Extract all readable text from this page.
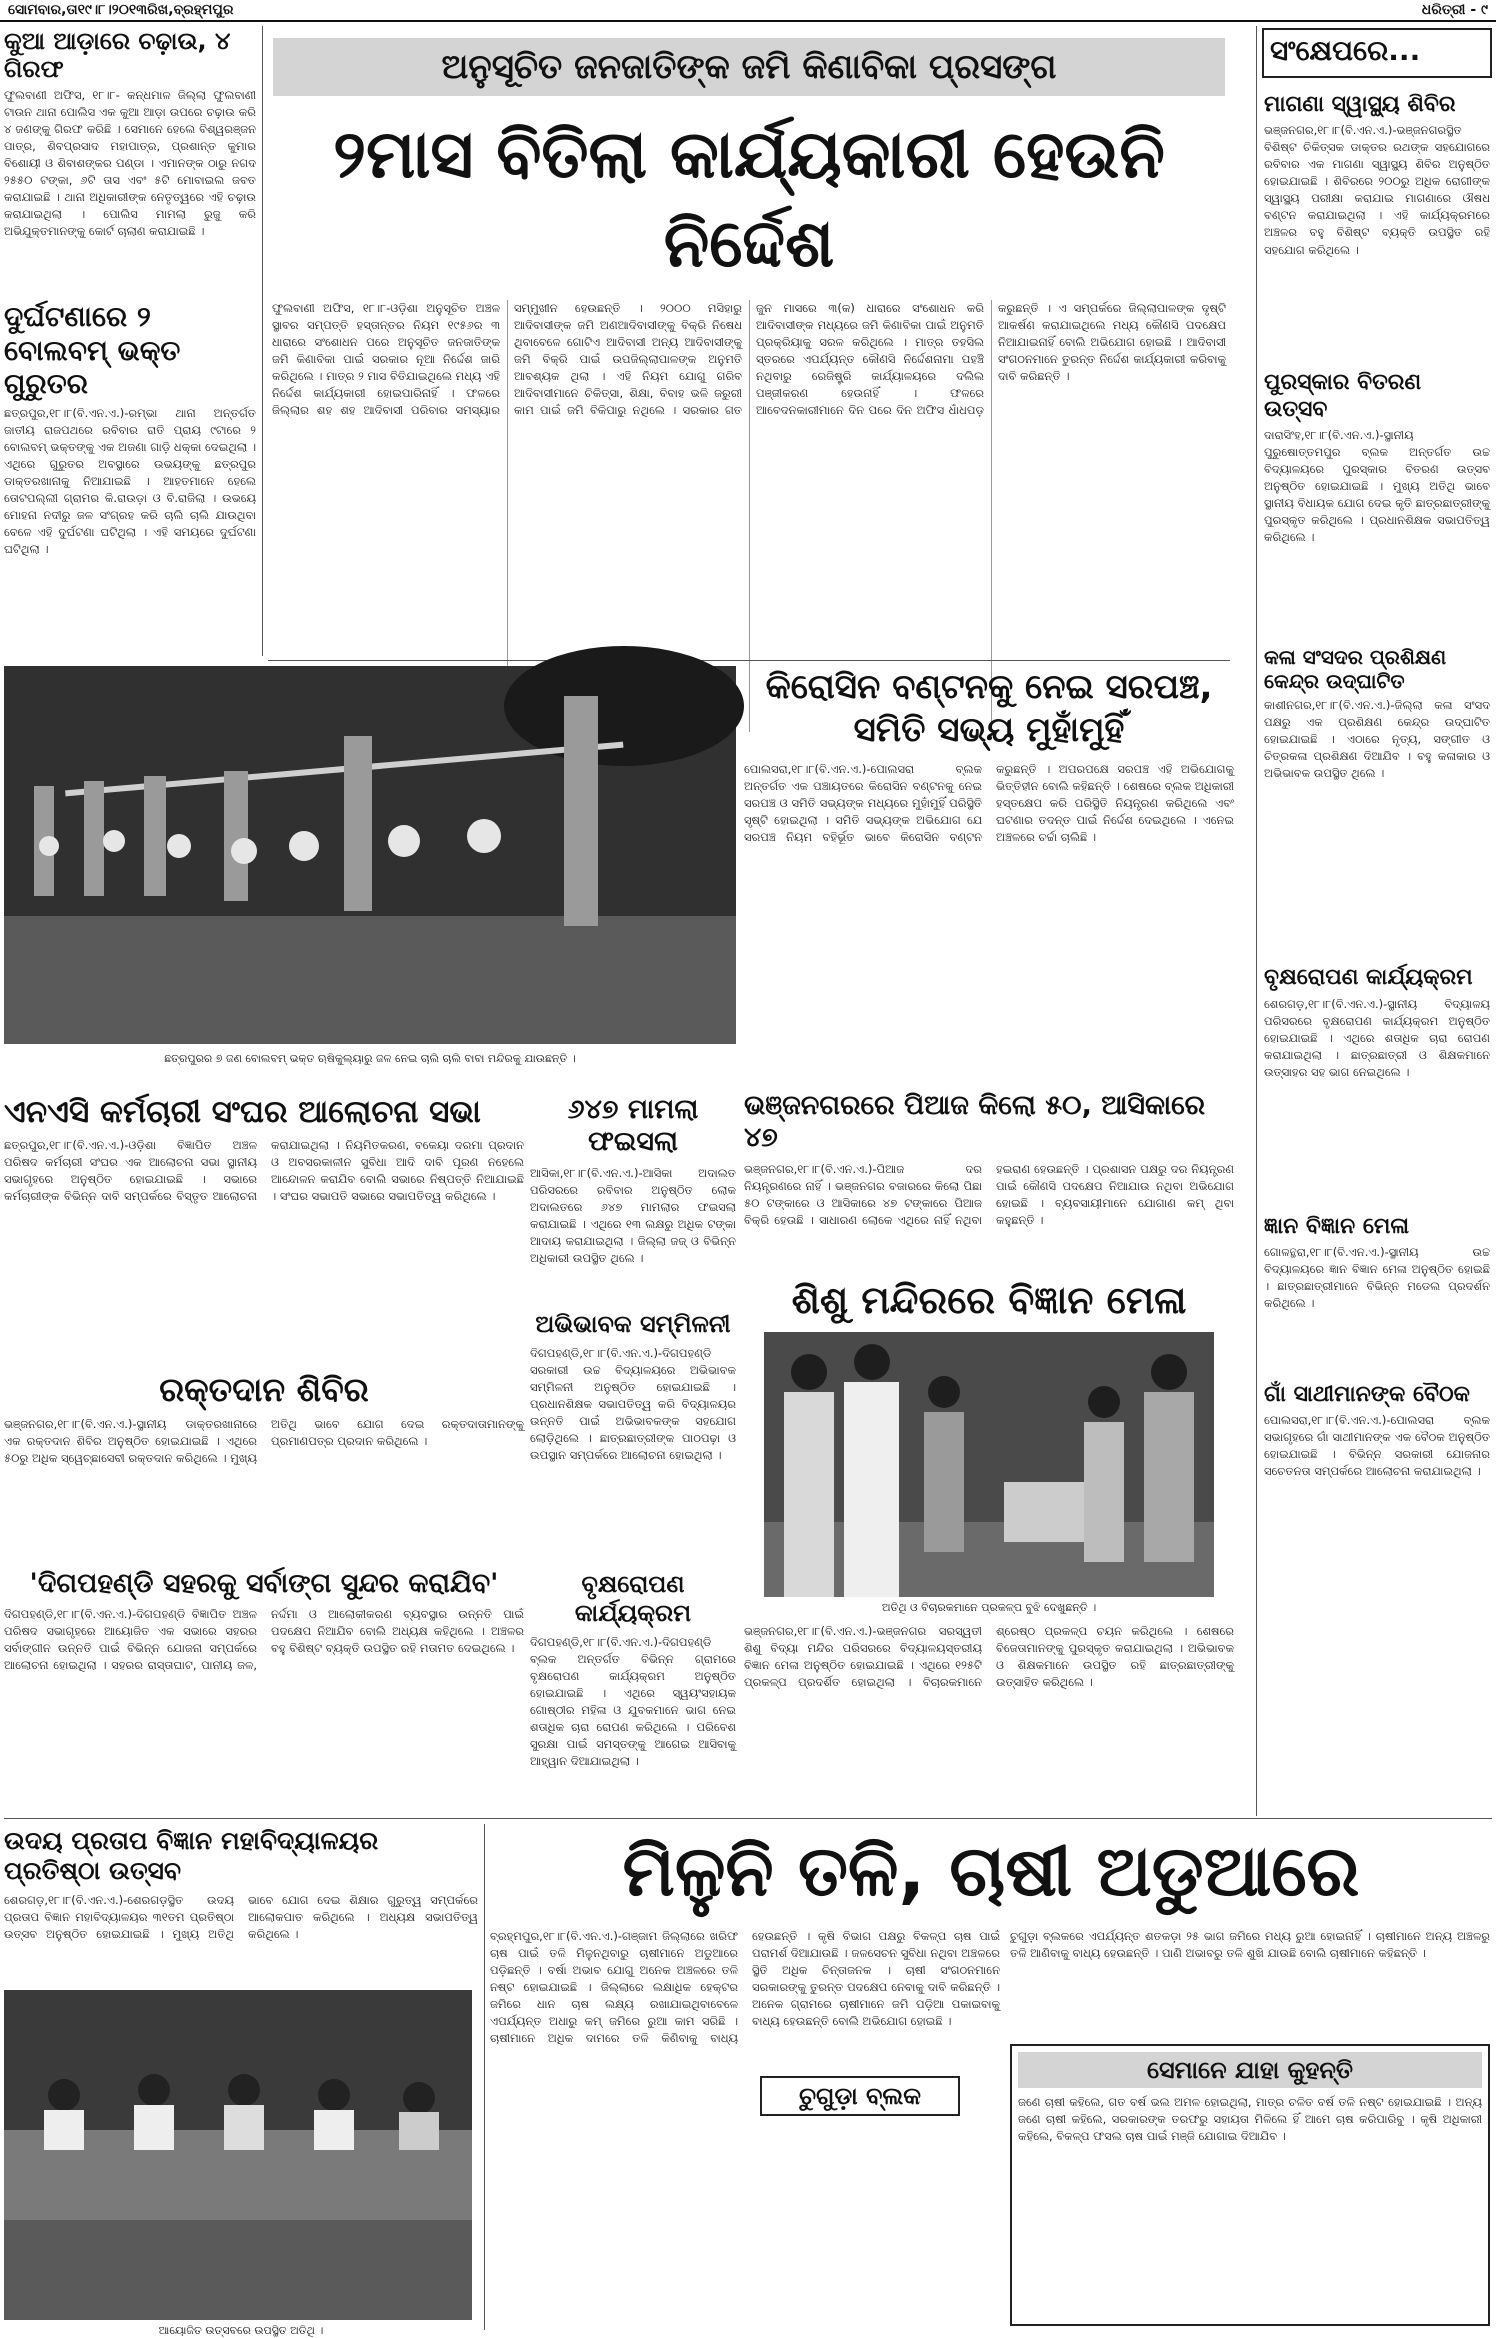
ସୋମବାର,ତା୧୯।୮।୨୦୧୩ରିଖ,ବ୍ରହ୍ମପୁର	ଧରିତ୍ରୀ - ୯
କୁଆ ଆଡ଼ାରେ ଚଢ଼ାଉ, ୪ ଗିରଫ
ଫୁଲବାଣୀ ଅଫିସ, ୧୮।୮- କନ୍ଧମାଳ ଜିଲ୍ଲା ଫୁଲବାଣୀ ଟାଉନ ଥାନା ପୋଲିସ ଏକ କୁଆ ଆଡ଼ା ଉପରେ ଚଢ଼ାଉ କରି ୪ ଜଣଙ୍କୁ ଗିରଫ କରିଛି । ସେମାନେ ହେଲେ ବିଶ୍ୱରଞ୍ଜନ ପାତ୍ର, ଶିବପ୍ରସାଦ ମହାପାତ୍ର, ପ୍ରଶାନ୍ତ କୁମାର ବିଶୋୟୀ ଓ ଶିବାଶଙ୍କର ପଣ୍ଡା । ଏମାନଙ୍କ ଠାରୁ ନଗଦ ୨୫୫୦ ଟଙ୍କା, ୬ଟି ତାସ ଏବଂ ୫ଟି ମୋବାଇଲ ଜବତ କରାଯାଇଛି । ଥାନା ଅଧିକାରୀଙ୍କ ନେତୃତ୍ୱରେ ଏହି ଚଢ଼ାଉ କରାଯାଇଥିଲା । ପୋଲିସ ମାମଲା ରୁଜୁ କରି ଅଭିଯୁକ୍ତମାନଙ୍କୁ କୋର୍ଟ ଚାଲାଣ କରାଯାଇଛି ।
ଦୁର୍ଘଟଣାରେ ୨ ବୋଲବମ୍ ଭକ୍ତ ଗୁରୁତର
ଛତ୍ରପୁର,୧୮।୮(ବି.ଏନ.ଏ.)-ରମ୍ଭା ଥାନା ଅନ୍ତର୍ଗତ ଜାତୀୟ ରାଜପଥରେ ରବିବାର ରାତି ପ୍ରାୟ ୯ଟାରେ ୨ ବୋଲବମ୍ ଭକ୍ତଙ୍କୁ ଏକ ଅଜଣା ଗାଡ଼ି ଧକ୍କା ଦେଇଥିଲା । ଏଥିରେ ଗୁରୁତର ଅବସ୍ଥାରେ ଉଭୟଙ୍କୁ ଛତ୍ରପୁର ଡାକ୍ତରଖାନାକୁ ନିଆଯାଇଛି । ଆହତମାନେ ହେଲେ ତୋଟପଲ୍ଲୀ ଗ୍ରାମର କି.ରାଉଡ଼ା ଓ ବି.ରାଜିଲା । ଉଭୟେ ମୋହନା ନଦୀରୁ ଜଳ ସଂଗ୍ରହ କରି ଚାଲି ଚାଲି ଯାଉଥିବା ବେଳେ ଏହି ଦୁର୍ଘଟଣା ଘଟିଥିଲା । ଏହି ସମୟରେ ଦୁର୍ଘଟଣା ଘଟିଥିଲା ।
ଅନୁସୂଚିତ ଜନଜାତିଙ୍କ ଜମି କିଣାବିକା ପ୍ରସଙ୍ଗ
୨ମାସ ବିତିଲା କାର୍ଯ୍ୟକାରୀ ହେଉନି ନିର୍ଦ୍ଦେଶ
ଫୁଲବାଣୀ ଅଫିସ, ୧୮।୮-ଓଡ଼ିଶା ଅନୁସୂଚିତ ଅଞ୍ଚଳ ସ୍ଥାବର ସମ୍ପତ୍ତି ହସ୍ତାନ୍ତର ନିୟମ ୧୯୫୬ର ୩ ଧାରାରେ ସଂଶୋଧନ ପରେ ଅନୁସୂଚିତ ଜନଜାତିଙ୍କ ଜମି କିଣାବିକା ପାଇଁ ସରକାର ନୂଆ ନିର୍ଦ୍ଦେଶ ଜାରି କରିଥିଲେ । ମାତ୍ର ୨ ମାସ ବିତିଯାଇଥିଲେ ମଧ୍ୟ ଏହି ନିର୍ଦ୍ଦେଶ କାର୍ଯ୍ୟକାରୀ ହୋଇପାରିନାହିଁ । ଫଳରେ ଜିଲ୍ଲାର ଶହ ଶହ ଆଦିବାସୀ ପରିବାର ସମସ୍ୟାର ସମ୍ମୁଖୀନ ହେଉଛନ୍ତି । ୨୦୦୦ ମସିହାରୁ ଆଦିବାସୀଙ୍କ ଜମି ଅଣଆଦିବାସୀଙ୍କୁ ବିକ୍ରି ନିଷେଧ ଥିବାବେଳେ ଗୋଟିଏ ଆଦିବାସୀ ଅନ୍ୟ ଆଦିବାସୀଙ୍କୁ ଜମି ବିକ୍ରି ପାଇଁ ଉପଜିଲ୍ଲାପାଳଙ୍କ ଅନୁମତି ଆବଶ୍ୟକ ଥିଲା । ଏହି ନିୟମ ଯୋଗୁ ଗରିବ ଆଦିବାସୀମାନେ ଚିକିତ୍ସା, ଶିକ୍ଷା, ବିବାହ ଭଳି ଜରୁରୀ କାମ ପାଇଁ ଜମି ବିକିପାରୁ ନଥିଲେ । ସରକାର ଗତ ଜୁନ ମାସରେ ୩(କ) ଧାରାରେ ସଂଶୋଧନ କରି ଆଦିବାସୀଙ୍କ ମଧ୍ୟରେ ଜମି କିଣାବିକା ପାଇଁ ଅନୁମତି ପ୍ରକ୍ରିୟାକୁ ସରଳ କରିଥିଲେ । ମାତ୍ର ତହସିଲ ସ୍ତରରେ ଏପର୍ଯ୍ୟନ୍ତ କୌଣସି ନିର୍ଦ୍ଦେଶନାମା ପହଞ୍ଚି ନଥିବାରୁ ରେଜିଷ୍ଟ୍ରି କାର୍ଯ୍ୟାଳୟରେ ଦଲିଲ ପଞ୍ଜୀକରଣ ହେଉନାହିଁ । ଫଳରେ ଆବେଦନକାରୀମାନେ ଦିନ ପରେ ଦିନ ଅଫିସ ଧାଁଧପଡ଼ କରୁଛନ୍ତି । ଏ ସମ୍ପର୍କରେ ଜିଲ୍ଲାପାଳଙ୍କ ଦୃଷ୍ଟି ଆକର୍ଷଣ କରାଯାଇଥିଲେ ମଧ୍ୟ କୌଣସି ପଦକ୍ଷେପ ନିଆଯାଇନାହିଁ ବୋଲି ଅଭିଯୋଗ ହୋଇଛି । ଆଦିବାସୀ ସଂଗଠନମାନେ ତୁରନ୍ତ ନିର୍ଦ୍ଦେଶ କାର୍ଯ୍ୟକାରୀ କରିବାକୁ ଦାବି କରିଛନ୍ତି ।
ସଂକ୍ଷେପରେ...
ମାଗଣା ସ୍ୱାସ୍ଥ୍ୟ ଶିବିର
ଭଞ୍ଜନଗର,୧୮।୮(ବି.ଏନ.ଏ.)-ଭଞ୍ଜନଗରସ୍ଥିତ ବିଶିଷ୍ଟ ଚିକିତ୍ସକ ଡାକ୍ତର ରଥଙ୍କ ସହଯୋଗରେ ରବିବାର ଏକ ମାଗଣା ସ୍ୱାସ୍ଥ୍ୟ ଶିବିର ଅନୁଷ୍ଠିତ ହୋଇଯାଇଛି । ଶିବିରରେ ୨୦୦ରୁ ଅଧିକ ରୋଗୀଙ୍କ ସ୍ୱାସ୍ଥ୍ୟ ପରୀକ୍ଷା କରାଯାଇ ମାଗଣାରେ ଔଷଧ ବଣ୍ଟନ କରାଯାଇଥିଲା । ଏହି କାର୍ଯ୍ୟକ୍ରମରେ ଅଞ୍ଚଳର ବହୁ ବିଶିଷ୍ଟ ବ୍ୟକ୍ତି ଉପସ୍ଥିତ ରହି ସହଯୋଗ କରିଥିଲେ ।
ପୁରସ୍କାର ବିତରଣ ଉତ୍ସବ
ଦାରାସିଂହ,୧୮।୮(ବି.ଏନ.ଏ.)-ସ୍ଥାନୀୟ ପୁରୁଷୋତ୍ତମପୁର ବ୍ଲକ ଅନ୍ତର୍ଗତ ଉଚ୍ଚ ବିଦ୍ୟାଳୟରେ ପୁରସ୍କାର ବିତରଣ ଉତ୍ସବ ଅନୁଷ୍ଠିତ ହୋଇଯାଇଛି । ମୁଖ୍ୟ ଅତିଥି ଭାବେ ସ୍ଥାନୀୟ ବିଧାୟକ ଯୋଗ ଦେଇ କୃତି ଛାତ୍ରଛାତ୍ରୀଙ୍କୁ ପୁରସ୍କୃତ କରିଥିଲେ । ପ୍ରଧାନଶିକ୍ଷକ ସଭାପତିତ୍ୱ କରିଥିଲେ ।
କଳା ସଂସଦର ପ୍ରଶିକ୍ଷଣ କେନ୍ଦ୍ର ଉଦ୍‌ଘାଟିତ
କାଶୀନଗର,୧୮।୮(ବି.ଏନ.ଏ.)-ଜିଲ୍ଲା କଳା ସଂସଦ ପକ୍ଷରୁ ଏକ ପ୍ରଶିକ୍ଷଣ କେନ୍ଦ୍ର ଉଦ୍‌ଘାଟିତ ହୋଇଯାଇଛି । ଏଠାରେ ନୃତ୍ୟ, ସଙ୍ଗୀତ ଓ ଚିତ୍ରକଳା ପ୍ରଶିକ୍ଷଣ ଦିଆଯିବ । ବହୁ କଳାକାର ଓ ଅଭିଭାବକ ଉପସ୍ଥିତ ଥିଲେ ।
ବୃକ୍ଷରୋପଣ କାର୍ଯ୍ୟକ୍ରମ
ଶେରଗଡ଼,୧୮।୮(ବି.ଏନ.ଏ.)-ସ୍ଥାନୀୟ ବିଦ୍ୟାଳୟ ପରିସରରେ ବୃକ୍ଷରୋପଣ କାର୍ଯ୍ୟକ୍ରମ ଅନୁଷ୍ଠିତ ହୋଇଯାଇଛି । ଏଥିରେ ଶତାଧିକ ଚାରା ରୋପଣ କରାଯାଇଥିଲା । ଛାତ୍ରଛାତ୍ରୀ ଓ ଶିକ୍ଷକମାନେ ଉତ୍ସାହର ସହ ଭାଗ ନେଇଥିଲେ ।
ଜ୍ଞାନ ବିଜ୍ଞାନ ମେଳା
ଗୋଳନ୍ଥରା,୧୮।୮(ବି.ଏନ.ଏ.)-ସ୍ଥାନୀୟ ଉଚ୍ଚ ବିଦ୍ୟାଳୟରେ ଜ୍ଞାନ ବିଜ୍ଞାନ ମେଳା ଅନୁଷ୍ଠିତ ହୋଇଛି । ଛାତ୍ରଛାତ୍ରୀମାନେ ବିଭିନ୍ନ ମଡେଲ ପ୍ରଦର୍ଶନ କରିଥିଲେ ।
ଗାଁ ସାଥୀମାନଙ୍କ ବୈଠକ
ପୋଲସରା,୧୮।୮(ବି.ଏନ.ଏ.)-ପୋଲସରା ବ୍ଲକ ସଭାଗୃହରେ ଗାଁ ସାଥୀମାନଙ୍କ ଏକ ବୈଠକ ଅନୁଷ୍ଠିତ ହୋଇଯାଇଛି । ବିଭିନ୍ନ ସରକାରୀ ଯୋଜନାର ସଚେତନତା ସମ୍ପର୍କରେ ଆଲୋଚନା କରାଯାଇଥିଲା ।
ଛତ୍ରପୁରର ୭ ଜଣ ବୋଲବମ୍ ଭକ୍ତ ଋଷିକୁଲ୍ୟାରୁ ଜଳ ନେଇ ଚାଲି ଚାଲି ବାବା ମନ୍ଦିରକୁ ଯାଉଛନ୍ତି ।
କିରୋସିନ ବଣ୍ଟନକୁ ନେଇ ସରପଞ୍ଚ, ସମିତି ସଭ୍ୟ ମୁହାଁମୁହିଁ
ପୋଲସରା,୧୮।୮(ବି.ଏନ.ଏ.)-ପୋଲସରା ବ୍ଲକ ଅନ୍ତର୍ଗତ ଏକ ପଞ୍ଚାୟତରେ କିରୋସିନ ବଣ୍ଟନକୁ ନେଇ ସରପଞ୍ଚ ଓ ସମିତି ସଭ୍ୟଙ୍କ ମଧ୍ୟରେ ମୁହାଁମୁହିଁ ପରିସ୍ଥିତି ସୃଷ୍ଟି ହୋଇଥିଲା । ସମିତି ସଭ୍ୟଙ୍କ ଅଭିଯୋଗ ଯେ ସରପଞ୍ଚ ନିୟମ ବହିର୍ଭୂତ ଭାବେ କିରୋସିନ ବଣ୍ଟନ କରୁଛନ୍ତି । ଅପରପକ୍ଷେ ସରପଞ୍ଚ ଏହି ଅଭିଯୋଗକୁ ଭିତ୍ତିହୀନ ବୋଲି କହିଛନ୍ତି । ଶେଷରେ ବ୍ଲକ ଅଧିକାରୀ ହସ୍ତକ୍ଷେପ କରି ପରିସ୍ଥିତି ନିୟନ୍ତ୍ରଣ କରିଥିଲେ ଏବଂ ଘଟଣାର ତଦନ୍ତ ପାଇଁ ନିର୍ଦ୍ଦେଶ ଦେଇଥିଲେ । ଏନେଇ ଅଞ୍ଚଳରେ ଚର୍ଚ୍ଚା ଚାଲିଛି ।
ଭଞ୍ଜନଗରରେ ପିଆଜ କିଲୋ ୫୦, ଆସିକାରେ ୪୭
ଭଞ୍ଜନଗର,୧୮।୮(ବି.ଏନ.ଏ.)-ପିଆଜ ଦର ନିୟନ୍ତ୍ରଣରେ ନାହିଁ । ଭଞ୍ଜନଗର ବଜାରରେ କିଲୋ ପିଛା ୫୦ ଟଙ୍କାରେ ଓ ଆସିକାରେ ୪୭ ଟଙ୍କାରେ ପିଆଜ ବିକ୍ରି ହେଉଛି । ସାଧାରଣ ଲୋକେ ଏଥିରେ ନାହିଁ ନଥିବା ହଇରାଣ ହେଉଛନ୍ତି । ପ୍ରଶାସନ ପକ୍ଷରୁ ଦର ନିୟନ୍ତ୍ରଣ ପାଇଁ କୌଣସି ପଦକ୍ଷେପ ନିଆଯାଉ ନଥିବା ଅଭିଯୋଗ ହୋଇଛି । ବ୍ୟବସାୟୀମାନେ ଯୋଗାଣ କମ୍ ଥିବା କହୁଛନ୍ତି ।
ଏନଏସି କର୍ମଚାରୀ ସଂଘର ଆଲୋଚନା ସଭା
ଛତ୍ରପୁର,୧୮।୮(ବି.ଏନ.ଏ.)-ଓଡ଼ିଶା ବିଜ୍ଞାପିତ ଅଞ୍ଚଳ ପରିଷଦ କର୍ମଚାରୀ ସଂଘର ଏକ ଆଲୋଚନା ସଭା ସ୍ଥାନୀୟ ସଭାଗୃହରେ ଅନୁଷ୍ଠିତ ହୋଇଯାଇଛି । ସଭାରେ କର୍ମଚାରୀଙ୍କ ବିଭିନ୍ନ ଦାବି ସମ୍ପର୍କରେ ବିସ୍ତୃତ ଆଲୋଚନା କରାଯାଇଥିଲା । ନିୟମିତକରଣ, ବକେୟା ଦରମା ପ୍ରଦାନ ଓ ଅବସରକାଳୀନ ସୁବିଧା ଆଦି ଦାବି ପୂରଣ ନହେଲେ ଆନ୍ଦୋଳନ କରାଯିବ ବୋଲି ସଭାରେ ନିଷ୍ପତ୍ତି ନିଆଯାଇଛି । ସଂଘର ସଭାପତି ସଭାରେ ସଭାପତିତ୍ୱ କରିଥିଲେ ।
୬୪୭ ମାମଲା ଫଇସଲା
ଆସିକା,୧୮।୮(ବି.ଏନ.ଏ.)-ଆସିକା ଅଦାଲତ ପରିସରରେ ରବିବାର ଅନୁଷ୍ଠିତ ଲୋକ ଅଦାଲତରେ ୬୪୭ ମାମଲାର ଫଇସଲା କରାଯାଇଛି । ଏଥିରେ ୧୩ ଲକ୍ଷରୁ ଅଧିକ ଟଙ୍କା ଆଦାୟ କରାଯାଇଥିଲା । ଜିଲ୍ଲା ଜଜ୍ ଓ ବିଭିନ୍ନ ଅଧିକାରୀ ଉପସ୍ଥିତ ଥିଲେ ।
ଅଭିଭାବକ ସମ୍ମିଳନୀ
ଦିଗପହଣ୍ଡି,୧୮।୮(ବି.ଏନ.ଏ.)-ଦିଗପହଣ୍ଡି ସରକାରୀ ଉଚ୍ଚ ବିଦ୍ୟାଳୟରେ ଅଭିଭାବକ ସମ୍ମିଳନୀ ଅନୁଷ୍ଠିତ ହୋଇଯାଇଛି । ପ୍ରଧାନଶିକ୍ଷକ ସଭାପତିତ୍ୱ କରି ବିଦ୍ୟାଳୟର ଉନ୍ନତି ପାଇଁ ଅଭିଭାବକଙ୍କ ସହଯୋଗ ଲୋଡ଼ିଥିଲେ । ଛାତ୍ରଛାତ୍ରୀଙ୍କ ପାଠପଢ଼ା ଓ ଉପସ୍ଥାନ ସମ୍ପର୍କରେ ଆଲୋଚନା ହୋଇଥିଲା ।
ରକ୍ତଦାନ ଶିବିର
ଭଞ୍ଜନଗର,୧୮।୮(ବି.ଏନ.ଏ.)-ସ୍ଥାନୀୟ ଡାକ୍ତରଖାନାରେ ଏକ ରକ୍ତଦାନ ଶିବିର ଅନୁଷ୍ଠିତ ହୋଇଯାଇଛି । ଏଥିରେ ୫୦ରୁ ଅଧିକ ସ୍ୱେଚ୍ଛାସେବୀ ରକ୍ତଦାନ କରିଥିଲେ । ମୁଖ୍ୟ ଅତିଥି ଭାବେ ଯୋଗ ଦେଇ ରକ୍ତଦାତାମାନଙ୍କୁ ପ୍ରମାଣପତ୍ର ପ୍ରଦାନ କରିଥିଲେ ।
'ଦିଗପହଣ୍ଡି ସହରକୁ ସର୍ବାଙ୍ଗ ସୁନ୍ଦର କରାଯିବ'
ଦିଗପହଣ୍ଡି,୧୮।୮(ବି.ଏନ.ଏ.)-ଦିଗପହଣ୍ଡି ବିଜ୍ଞାପିତ ଅଞ୍ଚଳ ପରିଷଦ ସଭାଗୃହରେ ଆୟୋଜିତ ଏକ ସଭାରେ ସହରର ସର୍ବାଙ୍ଗୀନ ଉନ୍ନତି ପାଇଁ ବିଭିନ୍ନ ଯୋଜନା ସମ୍ପର୍କରେ ଆଲୋଚନା ହୋଇଥିଲା । ସହରର ରାସ୍ତାଘାଟ, ପାନୀୟ ଜଳ, ନର୍ଦ୍ଦମା ଓ ଆଲୋକୀକରଣ ବ୍ୟବସ୍ଥାର ଉନ୍ନତି ପାଇଁ ପଦକ୍ଷେପ ନିଆଯିବ ବୋଲି ଅଧ୍ୟକ୍ଷ କହିଥିଲେ । ଅଞ୍ଚଳର ବହୁ ବିଶିଷ୍ଟ ବ୍ୟକ୍ତି ଉପସ୍ଥିତ ରହି ମତାମତ ଦେଇଥିଲେ ।
ବୃକ୍ଷରୋପଣ କାର୍ଯ୍ୟକ୍ରମ
ଦିଗପହଣ୍ଡି,୧୮।୮(ବି.ଏନ.ଏ.)-ଦିଗପହଣ୍ଡି ବ୍ଲକ ଅନ୍ତର୍ଗତ ବିଭିନ୍ନ ଗ୍ରାମରେ ବୃକ୍ଷରୋପଣ କାର୍ଯ୍ୟକ୍ରମ ଅନୁଷ୍ଠିତ ହୋଇଯାଇଛି । ଏଥିରେ ସ୍ୱୟଂସହାୟକ ଗୋଷ୍ଠୀର ମହିଳା ଓ ଯୁବକମାନେ ଭାଗ ନେଇ ଶତାଧିକ ଚାରା ରୋପଣ କରିଥିଲେ । ପରିବେଶ ସୁରକ୍ଷା ପାଇଁ ସମସ୍ତଙ୍କୁ ଆଗେଇ ଆସିବାକୁ ଆହ୍ୱାନ ଦିଆଯାଇଥିଲା ।
ଶିଶୁ ମନ୍ଦିରରେ ବିଜ୍ଞାନ ମେଳା
ଅତିଥି ଓ ବିଚାରକମାନେ ପ୍ରକଳ୍ପ ବୁଝି ଦେଖୁଛନ୍ତି ।
ଭଞ୍ଜନଗର,୧୮।୮(ବି.ଏନ.ଏ.)-ଭଞ୍ଜନଗର ସରସ୍ୱତୀ ଶିଶୁ ବିଦ୍ୟା ମନ୍ଦିର ପରିସରରେ ବିଦ୍ୟାଳୟସ୍ତରୀୟ ବିଜ୍ଞାନ ମେଳା ଅନୁଷ୍ଠିତ ହୋଇଯାଇଛି । ଏଥିରେ ୧୨୫ଟି ପ୍ରକଳ୍ପ ପ୍ରଦର୍ଶିତ ହୋଇଥିଲା । ବିଚାରକମାନେ ଶ୍ରେଷ୍ଠ ପ୍ରକଳ୍ପ ଚୟନ କରିଥିଲେ । ଶେଷରେ ବିଜେତାମାନଙ୍କୁ ପୁରସ୍କୃତ କରାଯାଇଥିଲା । ଅଭିଭାବକ ଓ ଶିକ୍ଷକମାନେ ଉପସ୍ଥିତ ରହି ଛାତ୍ରଛାତ୍ରୀଙ୍କୁ ଉତ୍ସାହିତ କରିଥିଲେ ।
ଉଦୟ ପ୍ରତାପ ବିଜ୍ଞାନ ମହାବିଦ୍ୟାଳୟର ପ୍ରତିଷ୍ଠା ଉତ୍ସବ
ଶେରଗଡ଼,୧୮।୮(ବି.ଏନ.ଏ.)-ଶେରଗଡ଼ସ୍ଥିତ ଉଦୟ ପ୍ରତାପ ବିଜ୍ଞାନ ମହାବିଦ୍ୟାଳୟର ୩୧ତମ ପ୍ରତିଷ୍ଠା ଉତ୍ସବ ଅନୁଷ୍ଠିତ ହୋଇଯାଇଛି । ମୁଖ୍ୟ ଅତିଥି ଭାବେ ଯୋଗ ଦେଇ ଶିକ୍ଷାର ଗୁରୁତ୍ୱ ସମ୍ପର୍କରେ ଆଲୋକପାତ କରିଥିଲେ । ଅଧ୍ୟକ୍ଷ ସଭାପତିତ୍ୱ କରିଥିଲେ ।
ଆୟୋଜିତ ଉତ୍ସବରେ ଉପସ୍ଥିତ ଅତିଥି ।
ମିଳୁନି ତଳି, ଚାଷୀ ଅଡୁଆରେ
ବ୍ରହ୍ମପୁର,୧୮।୮(ବି.ଏନ.ଏ.)-ଗଞ୍ଜାମ ଜିଲ୍ଲାରେ ଖରିଫ ଚାଷ ପାଇଁ ତଳି ମିଳୁନଥିବାରୁ ଚାଷୀମାନେ ଅଡୁଆରେ ପଡ଼ିଛନ୍ତି । ବର୍ଷା ଅଭାବ ଯୋଗୁ ଅନେକ ଅଞ୍ଚଳରେ ତଳି ନଷ୍ଟ ହୋଇଯାଇଛି । ଜିଲ୍ଲାରେ ଲକ୍ଷାଧିକ ହେକ୍ଟର ଜମିରେ ଧାନ ଚାଷ ଲକ୍ଷ୍ୟ ରଖାଯାଇଥିବାବେଳେ ଏପର୍ଯ୍ୟନ୍ତ ଅଧାରୁ କମ୍ ଜମିରେ ରୁଆ କାମ ସରିଛି । ଚାଷୀମାନେ ଅଧିକ ଦାମରେ ତଳି କିଣିବାକୁ ବାଧ୍ୟ ହେଉଛନ୍ତି । କୃଷି ବିଭାଗ ପକ୍ଷରୁ ବିକଳ୍ପ ଚାଷ ପାଇଁ ପରାମର୍ଶ ଦିଆଯାଉଛି । ଜଳସେଚନ ସୁବିଧା ନଥିବା ଅଞ୍ଚଳରେ ସ୍ଥିତି ଅଧିକ ଚିନ୍ତାଜନକ । ଚାଷୀ ସଂଗଠନମାନେ ସରକାରଙ୍କୁ ତୁରନ୍ତ ପଦକ୍ଷେପ ନେବାକୁ ଦାବି କରିଛନ୍ତି । ଅନେକ ଗ୍ରାମରେ ଚାଷୀମାନେ ଜମି ପଡ଼ିଆ ପକାଇବାକୁ ବାଧ୍ୟ ହେଉଛନ୍ତି ବୋଲି ଅଭିଯୋଗ ହୋଇଛି ।
ଚୁଗୁଡ଼ା ବ୍ଲକ
ଚୁଗୁଡ଼ା ବ୍ଲକରେ ଏପର୍ଯ୍ୟନ୍ତ ଶତକଡ଼ା ୨୫ ଭାଗ ଜମିରେ ମଧ୍ୟ ରୁଆ ହୋଇନାହିଁ । ଚାଷୀମାନେ ଅନ୍ୟ ଅଞ୍ଚଳରୁ ତଳି ଆଣିବାକୁ ବାଧ୍ୟ ହେଉଛନ୍ତି । ପାଣି ଅଭାବରୁ ତଳି ଶୁଖି ଯାଉଛି ବୋଲି ଚାଷୀମାନେ କହିଛନ୍ତି ।
ସେମାନେ ଯାହା କୁହନ୍ତି
ଜଣେ ଚାଷୀ କହିଲେ, ଗତ ବର୍ଷ ଭଲ ଅମଳ ହୋଇଥିଲା, ମାତ୍ର ଚଳିତ ବର୍ଷ ତଳି ନଷ୍ଟ ହୋଇଯାଇଛି । ଅନ୍ୟ ଜଣେ ଚାଷୀ କହିଲେ, ସରକାରଙ୍କ ତରଫରୁ ସହାୟତା ମିଳିଲେ ହିଁ ଆମେ ଚାଷ କରିପାରିବୁ । କୃଷି ଅଧିକାରୀ କହିଲେ, ବିକଳ୍ପ ଫସଲ ଚାଷ ପାଇଁ ମଞ୍ଜି ଯୋଗାଇ ଦିଆଯିବ ।
